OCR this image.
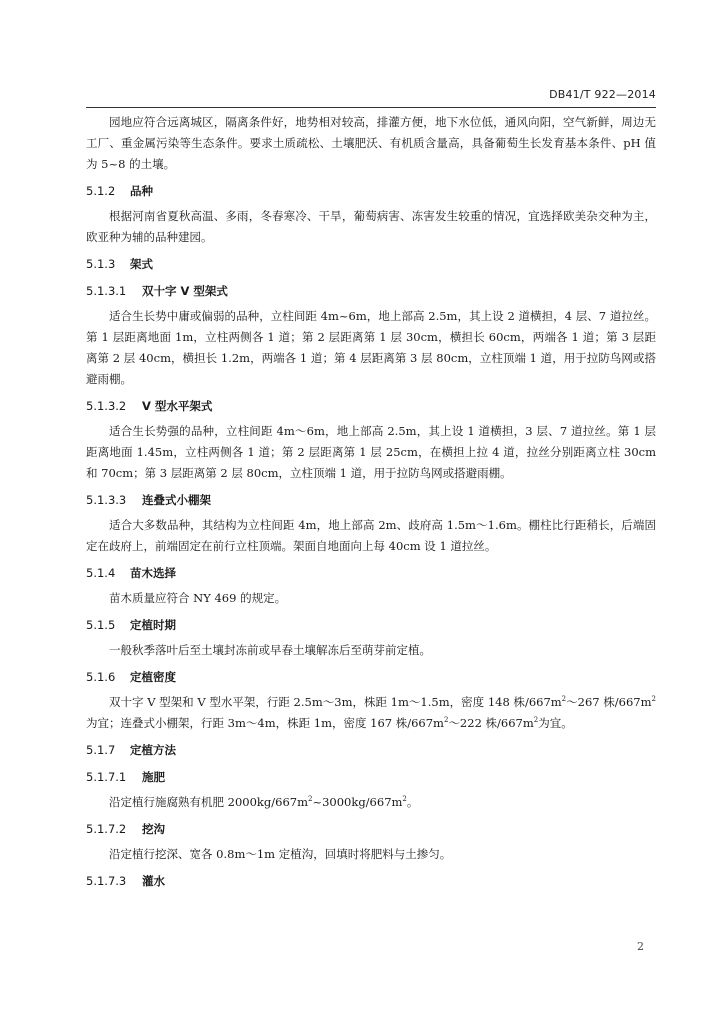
DB41/T 922—2014

园地应符合远离城区，隔离条件好，地势相对较高，排灌方便，地下水位低，通风向阳，空气新鲜，周边无工厂、重金属污染等生态条件。要求土质疏松、土壤肥沃、有机质含量高，具备葡萄生长发育基本条件、pH 值为 5~8 的土壤。

5.1.2 品种

根据河南省夏秋高温、多雨，冬春寒冷、干旱，葡萄病害、冻害发生较重的情况，宜选择欧美杂交种为主，欧亚种为辅的品种建园。

5.1.3 架式
5.1.3.1 双十字 V 型架式

适合生长势中庸或偏弱的品种，立柱间距 4m~6m，地上部高 2.5m，其上设 2 道横担，4 层、7 道拉丝。第 1 层距离地面 1m，立柱两侧各 1 道；第 2 层距离第 1 层 30cm，横担长 60cm，两端各 1 道；第 3 层距离第 2 层 40cm，横担长 1.2m，两端各 1 道；第 4 层距离第 3 层 80cm，立柱顶端 1 道，用于拉防鸟网或搭避雨棚。

5.1.3.2 V 型水平架式

适合生长势强的品种，立柱间距 4m～6m，地上部高 2.5m，其上设 1 道横担，3 层、7 道拉丝。第 1 层距离地面 1.45m，立柱两侧各 1 道；第 2 层距离第 1 层 25cm，在横担上拉 4 道，拉丝分别距离立柱 30cm 和 70cm；第 3 层距离第 2 层 80cm，立柱顶端 1 道，用于拉防鸟网或搭避雨棚。

5.1.3.3 连叠式小棚架

适合大多数品种，其结构为立柱间距 4m，地上部高 2m、歧府高 1.5m～1.6m。棚柱比行距稍长，后端固定在歧府上，前端固定在前行立柱顶端。架面自地面向上每 40cm 设 1 道拉丝。

5.1.4 苗木选择

苗木质量应符合 NY 469 的规定。

5.1.5 定植时期

一般秋季落叶后至土壤封冻前或早春土壤解冻后至萌芽前定植。

5.1.6 定植密度

双十字 V 型架和 V 型水平架，行距 2.5m～3m，株距 1m～1.5m，密度 148 株$/667m^2\sim 267$ 株$/667m^2$为宜；连叠式小棚架，行距 3m～4m，株距 1m，密度 167 株$/667m^2\sim 222$ 株$/667m^2$为宜。

5.1.7 定植方法
5.1.7.1 施肥

沿定植行施腐熟有机肥 $2000kg/667m^2\sim 3000kg/667m^2$。

5.1.7.2 挖沟

沿定植行挖深、宽各 0.8m～1m 定植沟，回填时将肥料与土掺匀。

5.1.7.3 灌水
2
